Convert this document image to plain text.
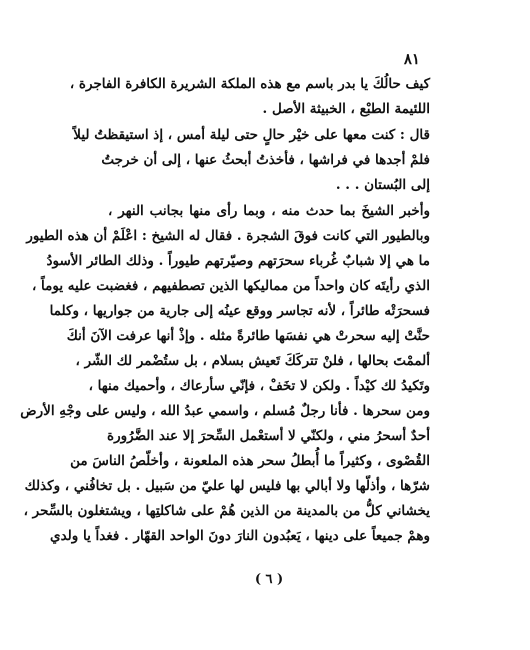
٨١
كيف حالُكَ يا بدر باسم مع هذه الملكة الشريرة الكافرة الفاجرة ،
اللئيمة الطبْع ، الخبيثة الأصل .
قال : كنت معها على خيْر حالٍ حتى ليلة أمس ، إذ استيقظتُ ليلاً
فلمْ أجدها في فراشها ، فأخذتُ أبحثُ عنها ، إلى أن خرجتُ
إلى البُستان . . .
وأخبر الشيخَ بما حدث منه ، وبما رأى منها بجانب النهر ،
وبالطيور التي كانت فوقَ الشجرة . فقال له الشيخ : اعْلَمْ أن هذه الطيور
ما هي إلا شبابٌ غُرباء سحرَتهم وصيّرتهم طيوراً . وذلك الطائر الأسودُ
الذي رأيتَه كان واحداً من مماليكها الذين تصطفيهم ، فغضبت عليه يوماً ،
فسحرَتْه طائراً ، لأنه تجاسر ووقع عينُه إلى جارية من جواريها ، وكلما
حنَّتْ إليه سحرتْ هي نفسَها طائرةً مثله . وإذْ أنها عرفت الآنَ أنكَ
ألممْتَ بحالها ، فلنْ تتركَكَ تَعيش بسلام ، بل ستُضْمر لك الشّر ،
وتَكيدُ لك كيْداً . ولكن لا تخَفْ ، فإنّي سأرعاك ، وأحميك منها ،
ومن سحرها . فأنا رجلٌ مُسلم ، واسمي عبدُ الله ، وليس على وجْهِ الأرض
أحدٌ أسحرُ مني ، ولكنّي لا أستعْمل السِّحرَ إلا عند الضَّرُورة
القُصْوى ، وكثيراً ما أُبطلُ سحر هذه الملعونة ، وأخلّصُ الناسَ من
شرّها ، وأذلّها ولا أبالي بها فليس لها عليّ من سَبيل . بل تخافُني ، وكذلك
يخشاني كلُّ من بالمدينة من الذين هُمْ على شاكلتِها ، ويشتغلون بالسِّحر ،
وهمْ جميعاً على دينها ، يَعبُدون النارَ دونَ الواحد القهّار . فغداً يا ولدي
( ٦ )
